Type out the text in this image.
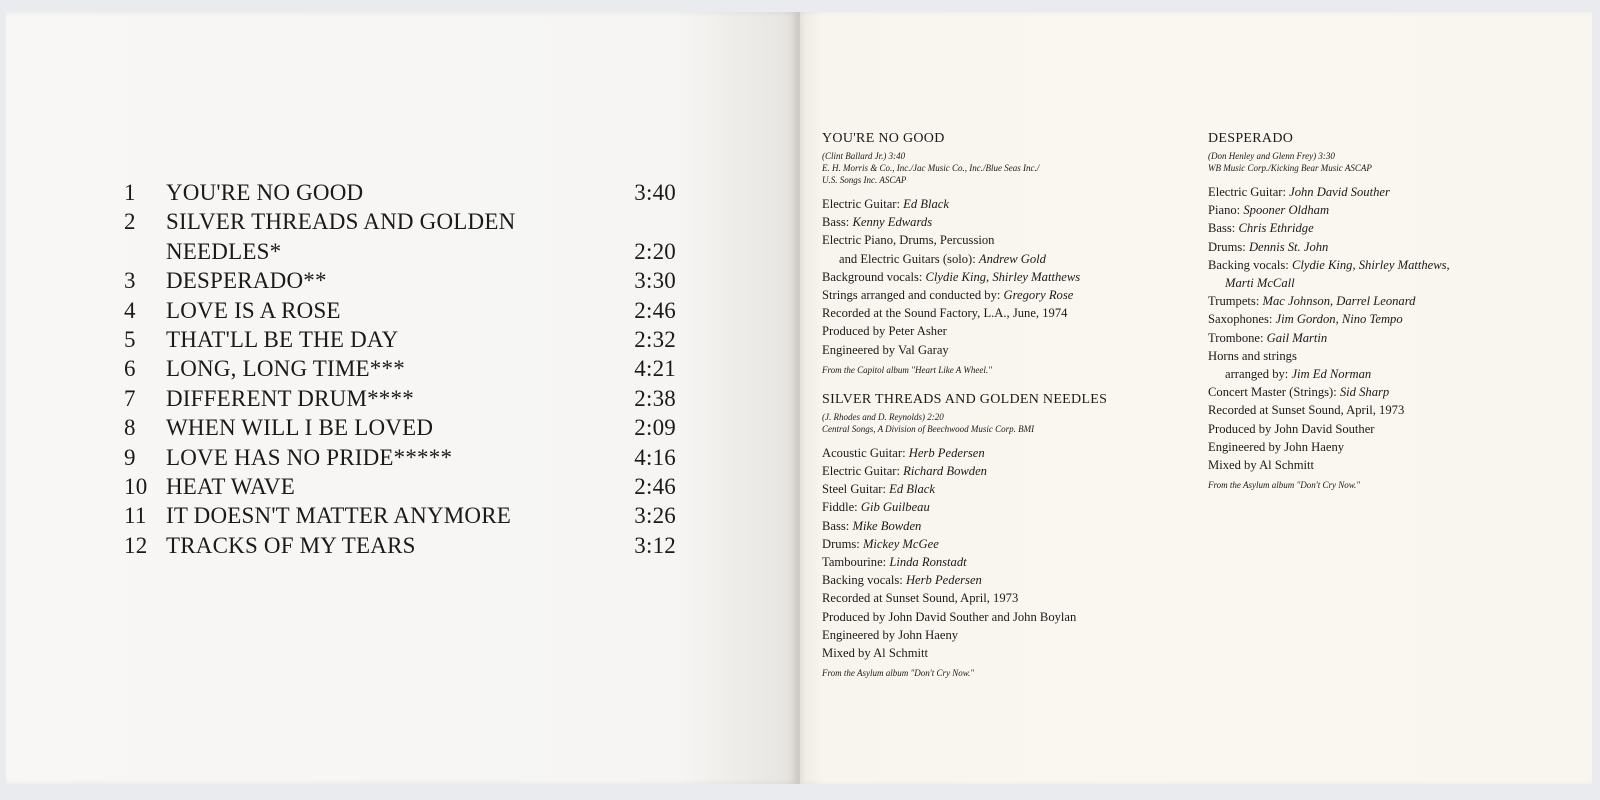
1	YOU'RE NO GOOD	3:40
2	SILVER THREADS AND GOLDEN NEEDLES*	2:20
3	DESPERADO**	3:30
4	LOVE IS A ROSE	2:46
5	THAT'LL BE THE DAY	2:32
6	LONG, LONG TIME***	4:21
7	DIFFERENT DRUM****	2:38
8	WHEN WILL I BE LOVED	2:09
9	LOVE HAS NO PRIDE*****	4:16
10 HEAT WAVE	2:46
11 IT DOESN'T MATTER ANYMORE	3:26
12 TRACKS OF MY TEARS	3:12
YOU'RE NO GOOD
(Clint Ballard Jr.) 3:40
E. H. Morris & Co., Inc./Jac Music Co., Inc./Blue Seas Inc./
U.S. Songs Inc. ASCAP
Electric Guitar: Ed Black
Bass: Kenny Edwards
Electric Piano, Drums, Percussion
and Electric Guitars (solo): Andrew Gold
Background vocals: Clydie King, Shirley Matthews
Strings arranged and conducted by: Gregory Rose
Recorded at the Sound Factory, L.A., June, 1974
Produced by Peter Asher
Engineered by Val Garay
From the Capitol album "Heart Like A Wheel."
SILVER THREADS AND GOLDEN NEEDLES
(J. Rhodes and D. Reynolds) 2:20
Central Songs, A Division of Beechwood Music Corp. BMI
Acoustic Guitar: Herb Pedersen
Electric Guitar: Richard Bowden
Steel Guitar: Ed Black
Fiddle: Gib Guilbeau
Bass: Mike Bowden
Drums: Mickey McGee
Tambourine: Linda Ronstadt
Backing vocals: Herb Pedersen
Recorded at Sunset Sound, April, 1973
Produced by John David Souther and John Boylan
Engineered by John Haeny
Mixed by Al Schmitt
From the Asylum album "Don't Cry Now."
DESPERADO
(Don Henley and Glenn Frey) 3:30
WB Music Corp./Kicking Bear Music ASCAP
Electric Guitar: John David Souther
Piano: Spooner Oldham
Bass: Chris Ethridge
Drums: Dennis St. John
Backing vocals: Clydie King, Shirley Matthews,
Marti McCall
Trumpets: Mac Johnson, Darrel Leonard
Saxophones: Jim Gordon, Nino Tempo
Trombone: Gail Martin
Horns and strings
arranged by: Jim Ed Norman
Concert Master (Strings): Sid Sharp
Recorded at Sunset Sound, April, 1973
Produced by John David Souther
Engineered by John Haeny
Mixed by Al Schmitt
From the Asylum album "Don't Cry Now."
